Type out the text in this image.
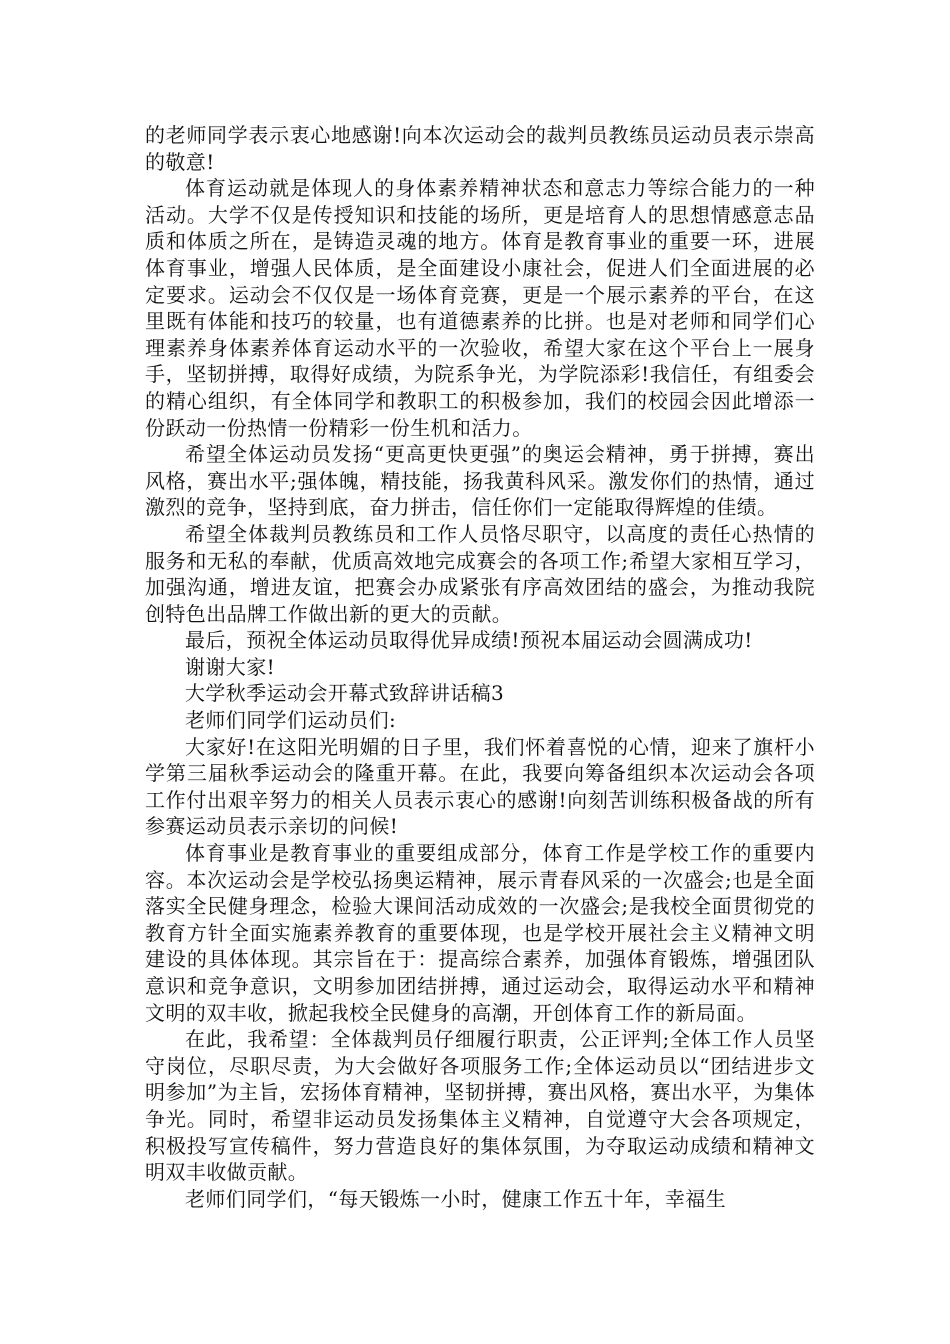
的老师同学表示衷心地感谢!向本次运动会的裁判员教练员运动员表示崇高的敬意!

体育运动就是体现人的身体素养精神状态和意志力等综合能力的一种活动。大学不仅是传授知识和技能的场所，更是培育人的思想情感意志品质和体质之所在，是铸造灵魂的地方。体育是教育事业的重要一环，进展体育事业，增强人民体质，是全面建设小康社会，促进人们全面进展的必定要求。运动会不仅仅是一场体育竞赛，更是一个展示素养的平台，在这里既有体能和技巧的较量，也有道德素养的比拼。也是对老师和同学们心理素养身体素养体育运动水平的一次验收，希望大家在这个平台上一展身手，坚韧拼搏，取得好成绩，为院系争光，为学院添彩!我信任，有组委会的精心组织，有全体同学和教职工的积极参加，我们的校园会因此增添一份跃动一份热情一份精彩一份生机和活力。

希望全体运动员发扬“更高更快更强”的奥运会精神，勇于拼搏，赛出风格，赛出水平;强体魄，精技能，扬我黄科风采。激发你们的热情，通过激烈的竞争，坚持到底，奋力拼击，信任你们一定能取得辉煌的佳绩。

希望全体裁判员教练员和工作人员恪尽职守，以高度的责任心热情的服务和无私的奉献，优质高效地完成赛会的各项工作;希望大家相互学习，加强沟通，增进友谊，把赛会办成紧张有序高效团结的盛会，为推动我院创特色出品牌工作做出新的更大的贡献。

最后，预祝全体运动员取得优异成绩!预祝本届运动会圆满成功!

谢谢大家!

大学秋季运动会开幕式致辞讲话稿3

老师们同学们运动员们:

大家好!在这阳光明媚的日子里，我们怀着喜悦的心情，迎来了旗杆小学第三届秋季运动会的隆重开幕。在此，我要向筹备组织本次运动会各项工作付出艰辛努力的相关人员表示衷心的感谢!向刻苦训练积极备战的所有参赛运动员表示亲切的问候!

体育事业是教育事业的重要组成部分，体育工作是学校工作的重要内容。本次运动会是学校弘扬奥运精神，展示青春风采的一次盛会;也是全面落实全民健身理念，检验大课间活动成效的一次盛会;是我校全面贯彻党的教育方针全面实施素养教育的重要体现，也是学校开展社会主义精神文明建设的具体体现。其宗旨在于：提高综合素养，加强体育锻炼，增强团队意识和竞争意识，文明参加团结拼搏，通过运动会，取得运动水平和精神文明的双丰收，掀起我校全民健身的高潮，开创体育工作的新局面。

在此，我希望：全体裁判员仔细履行职责，公正评判;全体工作人员坚守岗位，尽职尽责，为大会做好各项服务工作;全体运动员以“团结进步文明参加”为主旨，宏扬体育精神，坚韧拼搏，赛出风格，赛出水平，为集体争光。同时，希望非运动员发扬集体主义精神，自觉遵守大会各项规定，积极投写宣传稿件，努力营造良好的集体氛围，为夺取运动成绩和精神文明双丰收做贡献。

老师们同学们，“每天锻炼一小时，健康工作五十年，幸福生
